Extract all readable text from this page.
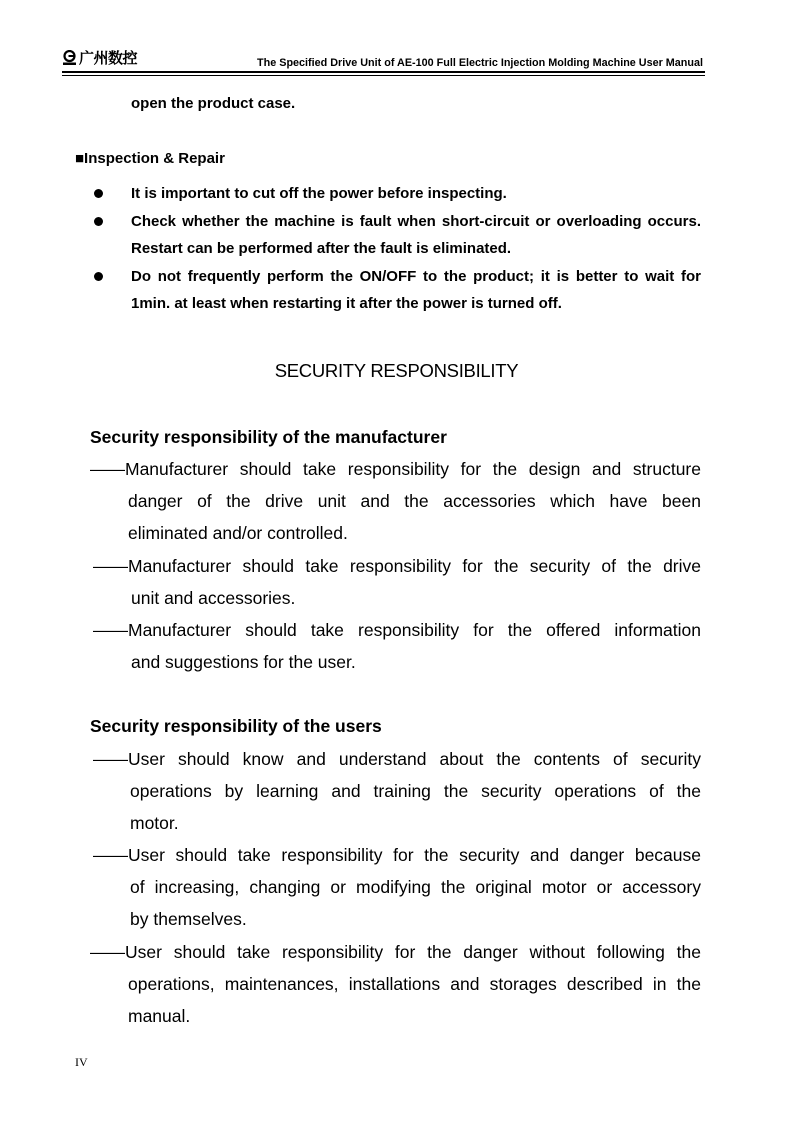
广州数控	The Specified Drive Unit of AE-100 Full Electric Injection Molding Machine User Manual
open the product case.
■Inspection & Repair
It is important to cut off the power before inspecting.
Check whether the machine is fault when short-circuit or overloading occurs. Restart can be performed after the fault is eliminated.
Do not frequently perform the ON/OFF to the product; it is better to wait for 1min. at least when restarting it after the power is turned off.
SECURITY RESPONSIBILITY
Security responsibility of the manufacturer
——Manufacturer should take responsibility for the design and structure
danger of the drive unit and the accessories which have been
eliminated and/or controlled.
——Manufacturer should take responsibility for the security of the drive
unit and accessories.
——Manufacturer should take responsibility for the offered information
and suggestions for the user.
Security responsibility of the users
——User should know and understand about the contents of security
operations by learning and training the security operations of the
motor.
——User should take responsibility for the security and danger because
of increasing, changing or modifying the original motor or accessory
by themselves.
——User should take responsibility for the danger without following the
operations, maintenances, installations and storages described in the
manual.
IV
